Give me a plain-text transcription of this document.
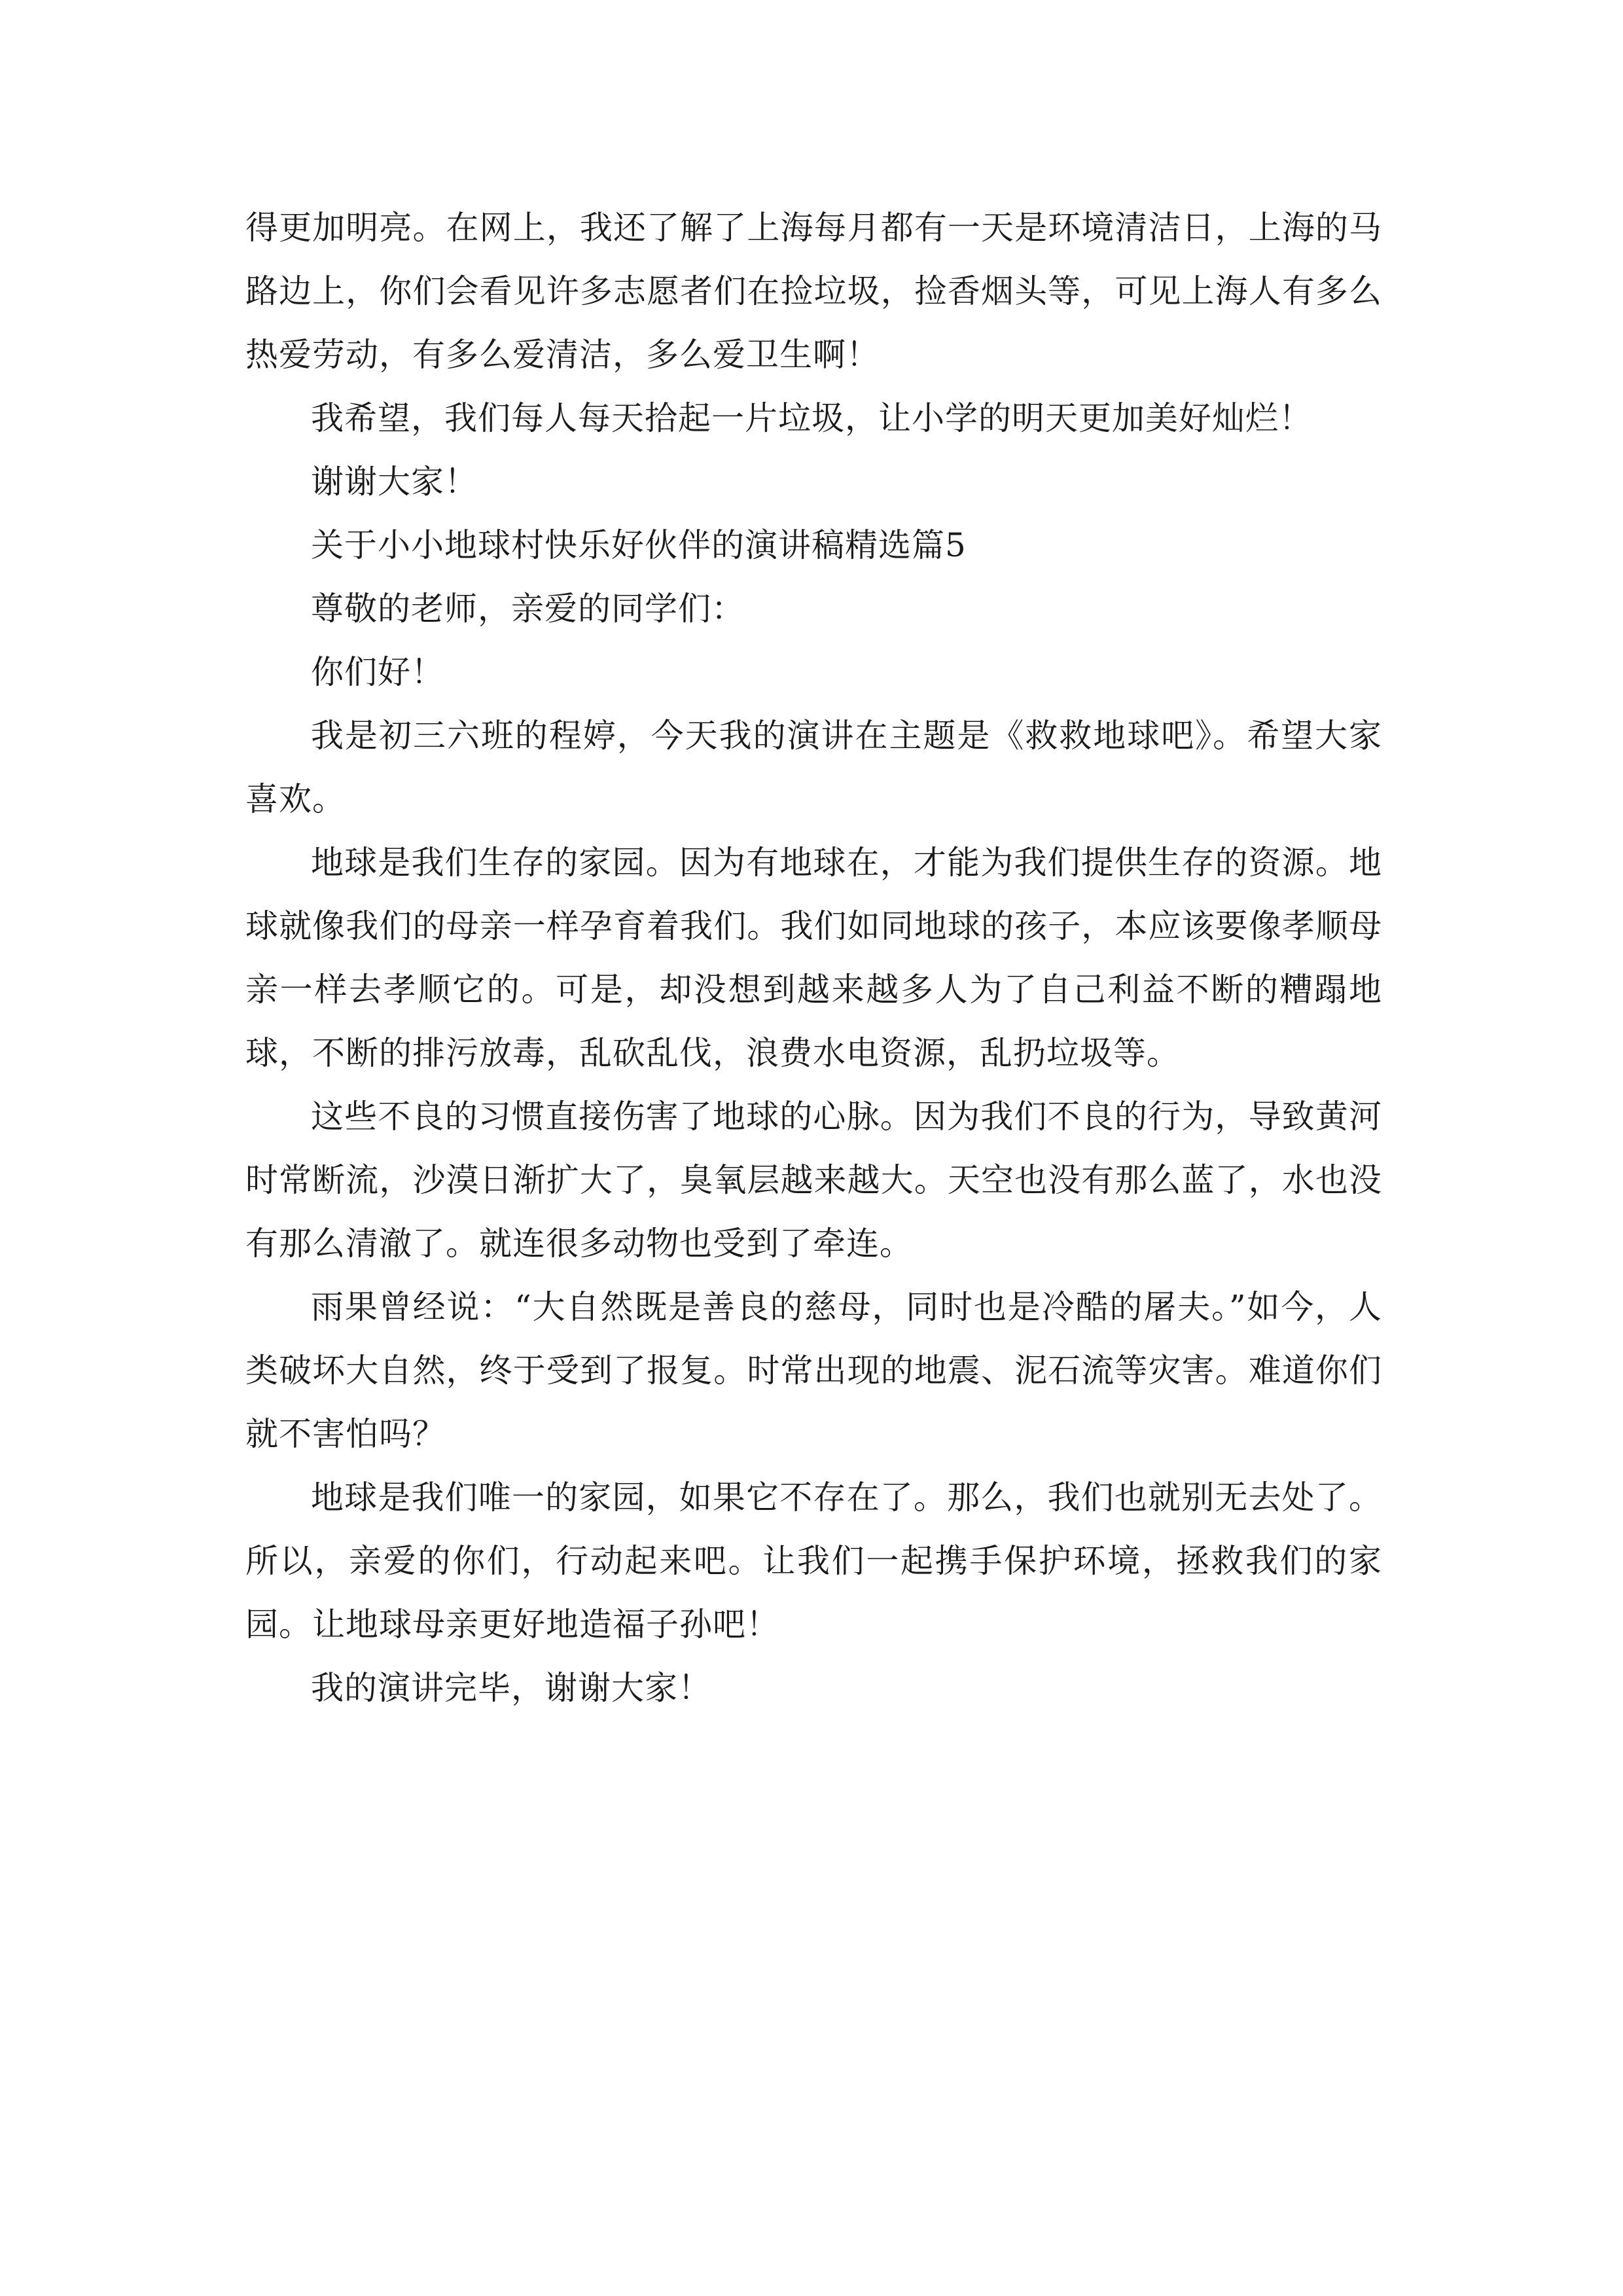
得更加明亮。在网上，我还了解了上海每月都有一天是环境清洁日，上海的马路边上，你们会看见许多志愿者们在捡垃圾，捡香烟头等，可见上海人有多么热爱劳动，有多么爱清洁，多么爱卫生啊！

我希望，我们每人每天拾起一片垃圾，让小学的明天更加美好灿烂！

谢谢大家！

关于小小地球村快乐好伙伴的演讲稿精选篇5

尊敬的老师，亲爱的同学们：

你们好！

我是初三六班的程婷，今天我的演讲在主题是《救救地球吧》。希望大家喜欢。

地球是我们生存的家园。因为有地球在，才能为我们提供生存的资源。地球就像我们的母亲一样孕育着我们。我们如同地球的孩子，本应该要像孝顺母亲一样去孝顺它的。可是，却没想到越来越多人为了自己利益不断的糟蹋地球，不断的排污放毒，乱砍乱伐，浪费水电资源，乱扔垃圾等。

这些不良的习惯直接伤害了地球的心脉。因为我们不良的行为，导致黄河时常断流，沙漠日渐扩大了，臭氧层越来越大。天空也没有那么蓝了，水也没有那么清澈了。就连很多动物也受到了牵连。

雨果曾经说：“大自然既是善良的慈母，同时也是冷酷的屠夫。”如今，人类破坏大自然，终于受到了报复。时常出现的地震、泥石流等灾害。难道你们就不害怕吗？

地球是我们唯一的家园，如果它不存在了。那么，我们也就别无去处了。所以，亲爱的你们，行动起来吧。让我们一起携手保护环境，拯救我们的家园。让地球母亲更好地造福子孙吧！

我的演讲完毕，谢谢大家！
